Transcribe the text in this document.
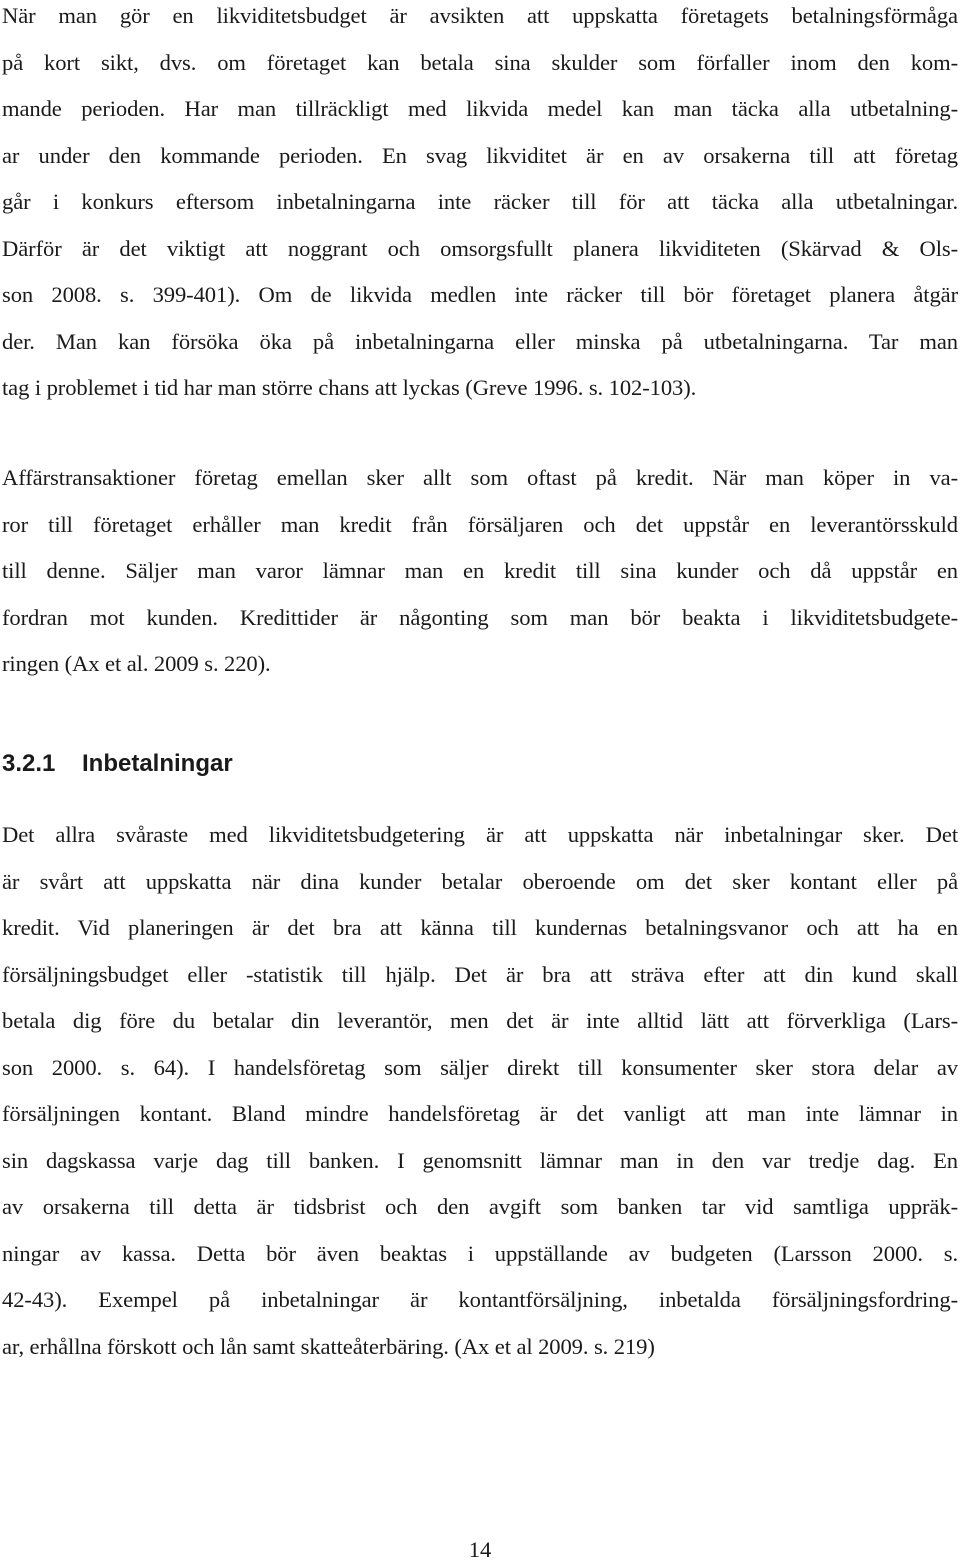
När man gör en likviditetsbudget är avsikten att uppskatta företagets betalningsförmåga
på kort sikt, dvs. om företaget kan betala sina skulder som förfaller inom den kom-
mande perioden. Har man tillräckligt med likvida medel kan man täcka alla utbetalning-
ar under den kommande perioden. En svag likviditet är en av orsakerna till att företag
går i konkurs eftersom inbetalningarna inte räcker till för att täcka alla utbetalningar.
Därför är det viktigt att noggrant och omsorgsfullt planera likviditeten (Skärvad & Ols-
son 2008. s. 399-401). Om de likvida medlen inte räcker till bör företaget planera åtgär
der. Man kan försöka öka på inbetalningarna eller minska på utbetalningarna. Tar man
tag i problemet i tid har man större chans att lyckas (Greve 1996. s. 102-103).

Affärstransaktioner företag emellan sker allt som oftast på kredit. När man köper in va-
ror till företaget erhåller man kredit från försäljaren och det uppstår en leverantörsskuld
till denne. Säljer man varor lämnar man en kredit till sina kunder och då uppstår en
fordran mot kunden. Kredittider är någonting som man bör beakta i likviditetsbudgete-
ringen (Ax et al. 2009 s. 220).

3.2.1 Inbetalningar

Det allra svåraste med likviditetsbudgetering är att uppskatta när inbetalningar sker. Det
är svårt att uppskatta när dina kunder betalar oberoende om det sker kontant eller på
kredit. Vid planeringen är det bra att känna till kundernas betalningsvanor och att ha en
försäljningsbudget eller -statistik till hjälp. Det är bra att sträva efter att din kund skall
betala dig före du betalar din leverantör, men det är inte alltid lätt att förverkliga (Lars-
son 2000. s. 64). I handelsföretag som säljer direkt till konsumenter sker stora delar av
försäljningen kontant. Bland mindre handelsföretag är det vanligt att man inte lämnar in
sin dagskassa varje dag till banken. I genomsnitt lämnar man in den var tredje dag. En
av orsakerna till detta är tidsbrist och den avgift som banken tar vid samtliga uppräk-
ningar av kassa. Detta bör även beaktas i uppställande av budgeten (Larsson 2000. s.
42-43). Exempel på inbetalningar är kontantförsäljning, inbetalda försäljningsfordring-
ar, erhållna förskott och lån samt skatteåterbäring. (Ax et al 2009. s. 219)

14
